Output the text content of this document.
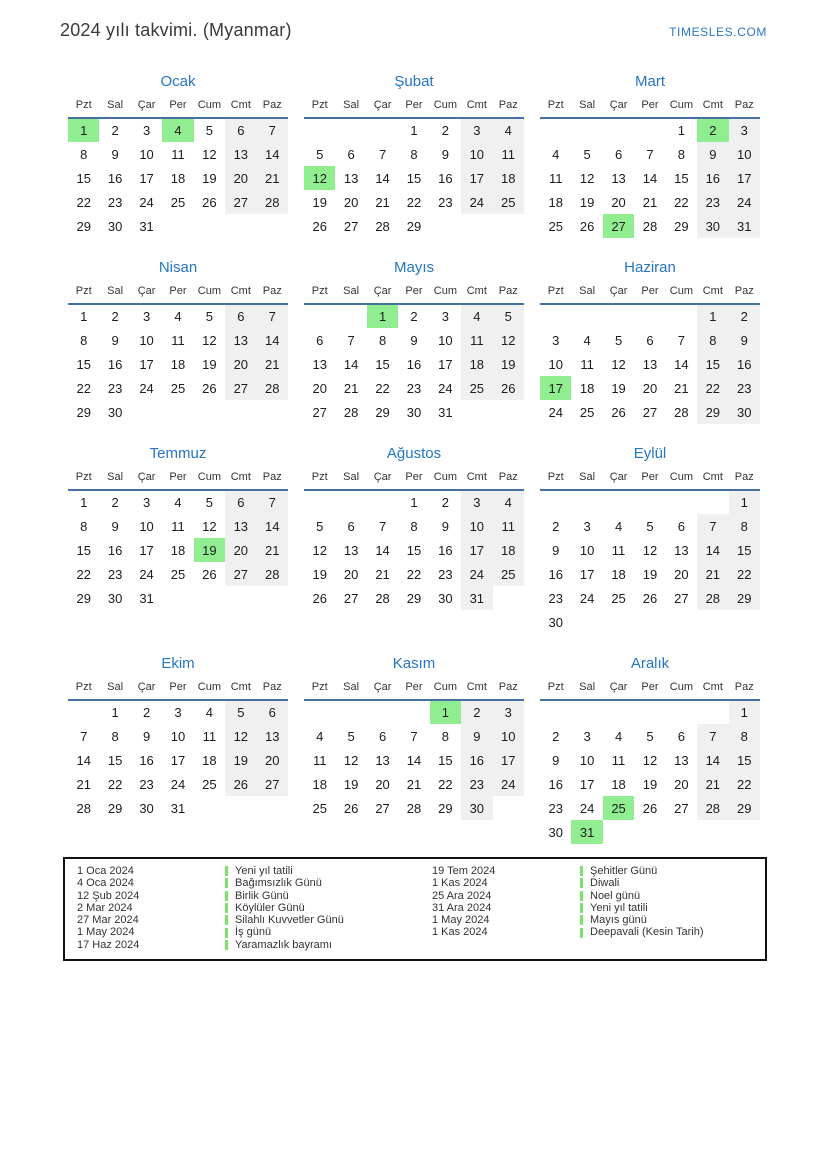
2024 yılı takvimi. (Myanmar)	TIMESLES.COM
Ocak
Pzt	Sal	Çar	Per	Cum	Cmt	Paz
1	2	3	4	5	6	7
8	9	10	11	12	13	14
15	16	17	18	19	20	21
22	23	24	25	26	27	28
29	30	31				
Şubat
Pzt	Sal	Çar	Per	Cum	Cmt	Paz
			1	2	3	4
5	6	7	8	9	10	11
12	13	14	15	16	17	18
19	20	21	22	23	24	25
26	27	28	29			
Mart
Pzt	Sal	Çar	Per	Cum	Cmt	Paz
				1	2	3
4	5	6	7	8	9	10
11	12	13	14	15	16	17
18	19	20	21	22	23	24
25	26	27	28	29	30	31
Nisan
Pzt	Sal	Çar	Per	Cum	Cmt	Paz
1	2	3	4	5	6	7
8	9	10	11	12	13	14
15	16	17	18	19	20	21
22	23	24	25	26	27	28
29	30					
Mayıs
Pzt	Sal	Çar	Per	Cum	Cmt	Paz
		1	2	3	4	5
6	7	8	9	10	11	12
13	14	15	16	17	18	19
20	21	22	23	24	25	26
27	28	29	30	31		
Haziran
Pzt	Sal	Çar	Per	Cum	Cmt	Paz
					1	2
3	4	5	6	7	8	9
10	11	12	13	14	15	16
17	18	19	20	21	22	23
24	25	26	27	28	29	30
Temmuz
Pzt	Sal	Çar	Per	Cum	Cmt	Paz
1	2	3	4	5	6	7
8	9	10	11	12	13	14
15	16	17	18	19	20	21
22	23	24	25	26	27	28
29	30	31				
Ağustos
Pzt	Sal	Çar	Per	Cum	Cmt	Paz
			1	2	3	4
5	6	7	8	9	10	11
12	13	14	15	16	17	18
19	20	21	22	23	24	25
26	27	28	29	30	31	
Eylül
Pzt	Sal	Çar	Per	Cum	Cmt	Paz
						1
2	3	4	5	6	7	8
9	10	11	12	13	14	15
16	17	18	19	20	21	22
23	24	25	26	27	28	29
30						
Ekim
Pzt	Sal	Çar	Per	Cum	Cmt	Paz
	1	2	3	4	5	6
7	8	9	10	11	12	13
14	15	16	17	18	19	20
21	22	23	24	25	26	27
28	29	30	31			
Kasım
Pzt	Sal	Çar	Per	Cum	Cmt	Paz
				1	2	3
4	5	6	7	8	9	10
11	12	13	14	15	16	17
18	19	20	21	22	23	24
25	26	27	28	29	30	
Aralık
Pzt	Sal	Çar	Per	Cum	Cmt	Paz
						1
2	3	4	5	6	7	8
9	10	11	12	13	14	15
16	17	18	19	20	21	22
23	24	25	26	27	28	29
30	31					
1 Oca 2024	Yeni yıl tatili
4 Oca 2024	Bağımsızlık Günü
12 Şub 2024	Birlik Günü
2 Mar 2024	Köylüler Günü
27 Mar 2024	Silahlı Kuvvetler Günü
1 May 2024	İş günü
17 Haz 2024	Yaramazlık bayramı
19 Tem 2024	Şehitler Günü
1 Kas 2024	Diwali
25 Ara 2024	Noel günü
31 Ara 2024	Yeni yıl tatili
1 May 2024	Mayıs günü
1 Kas 2024	Deepavali (Kesin Tarih)
